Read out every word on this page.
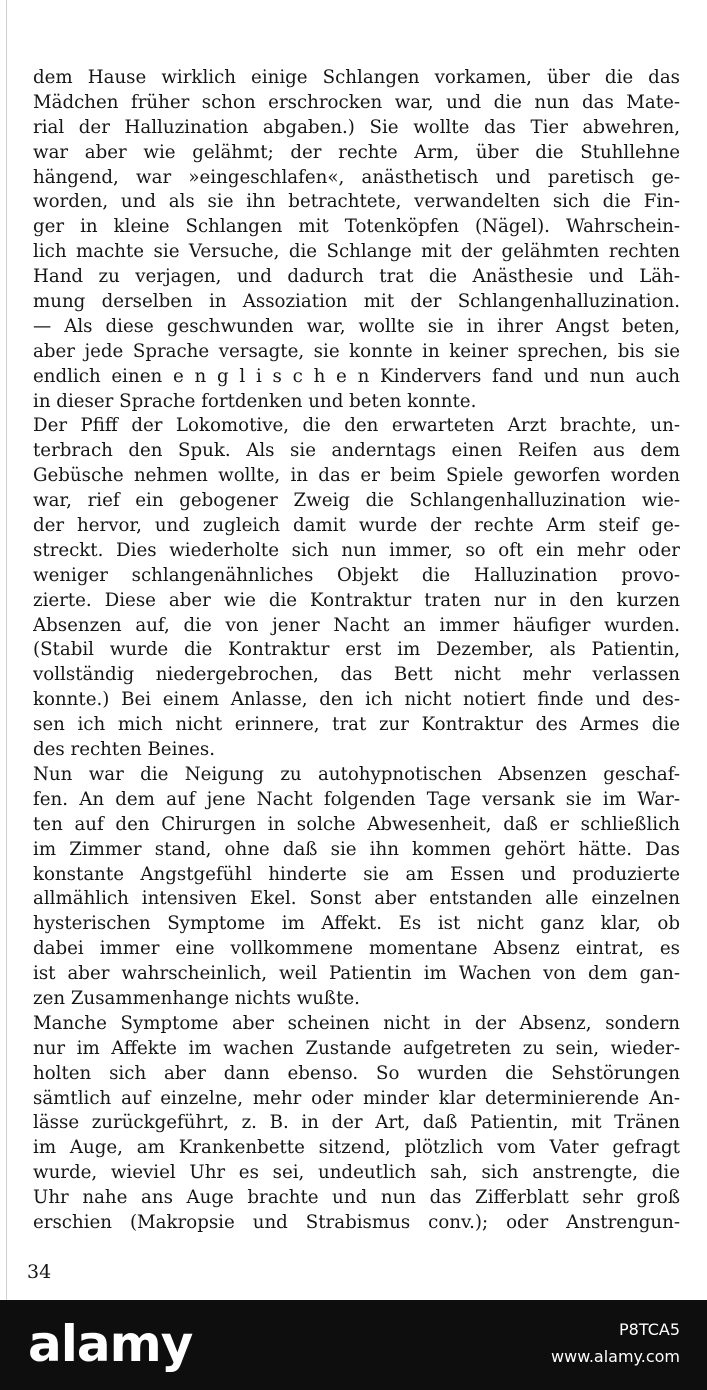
dem Hause wirklich einige Schlangen vorkamen, über die das
Mädchen früher schon erschrocken war, und die nun das Mate-
rial der Halluzination abgaben.) Sie wollte das Tier abwehren,
war aber wie gelähmt; der rechte Arm, über die Stuhllehne
hängend, war »eingeschlafen«, anästhetisch und paretisch ge-
worden, und als sie ihn betrachtete, verwandelten sich die Fin-
ger in kleine Schlangen mit Totenköpfen (Nägel). Wahrschein-
lich machte sie Versuche, die Schlange mit der gelähmten rechten
Hand zu verjagen, und dadurch trat die Anästhesie und Läh-
mung derselben in Assoziation mit der Schlangenhalluzination.
— Als diese geschwunden war, wollte sie in ihrer Angst beten,
aber jede Sprache versagte, sie konnte in keiner sprechen, bis sie
endlich einen e n g l i s c h e n Kindervers fand und nun auch
in dieser Sprache fortdenken und beten konnte.
Der Pfiff der Lokomotive, die den erwarteten Arzt brachte, un-
terbrach den Spuk. Als sie anderntags einen Reifen aus dem
Gebüsche nehmen wollte, in das er beim Spiele geworfen worden
war, rief ein gebogener Zweig die Schlangenhalluzination wie-
der hervor, und zugleich damit wurde der rechte Arm steif ge-
streckt. Dies wiederholte sich nun immer, so oft ein mehr oder
weniger schlangenähnliches Objekt die Halluzination provo-
zierte. Diese aber wie die Kontraktur traten nur in den kurzen
Absenzen auf, die von jener Nacht an immer häufiger wurden.
(Stabil wurde die Kontraktur erst im Dezember, als Patientin,
vollständig niedergebrochen, das Bett nicht mehr verlassen
konnte.) Bei einem Anlasse, den ich nicht notiert finde und des-
sen ich mich nicht erinnere, trat zur Kontraktur des Armes die
des rechten Beines.
Nun war die Neigung zu autohypnotischen Absenzen geschaf-
fen. An dem auf jene Nacht folgenden Tage versank sie im War-
ten auf den Chirurgen in solche Abwesenheit, daß er schließlich
im Zimmer stand, ohne daß sie ihn kommen gehört hätte. Das
konstante Angstgefühl hinderte sie am Essen und produzierte
allmählich intensiven Ekel. Sonst aber entstanden alle einzelnen
hysterischen Symptome im Affekt. Es ist nicht ganz klar, ob
dabei immer eine vollkommene momentane Absenz eintrat, es
ist aber wahrscheinlich, weil Patientin im Wachen von dem gan-
zen Zusammenhange nichts wußte.
Manche Symptome aber scheinen nicht in der Absenz, sondern
nur im Affekte im wachen Zustande aufgetreten zu sein, wieder-
holten sich aber dann ebenso. So wurden die Sehstörungen
sämtlich auf einzelne, mehr oder minder klar determinierende An-
lässe zurückgeführt, z. B. in der Art, daß Patientin, mit Tränen
im Auge, am Krankenbette sitzend, plötzlich vom Vater gefragt
wurde, wieviel Uhr es sei, undeutlich sah, sich anstrengte, die
Uhr nahe ans Auge brachte und nun das Zifferblatt sehr groß
erschien (Makropsie und Strabismus conv.); oder Anstrengun-
34
alamy	P8TCA5
www.alamy.com
